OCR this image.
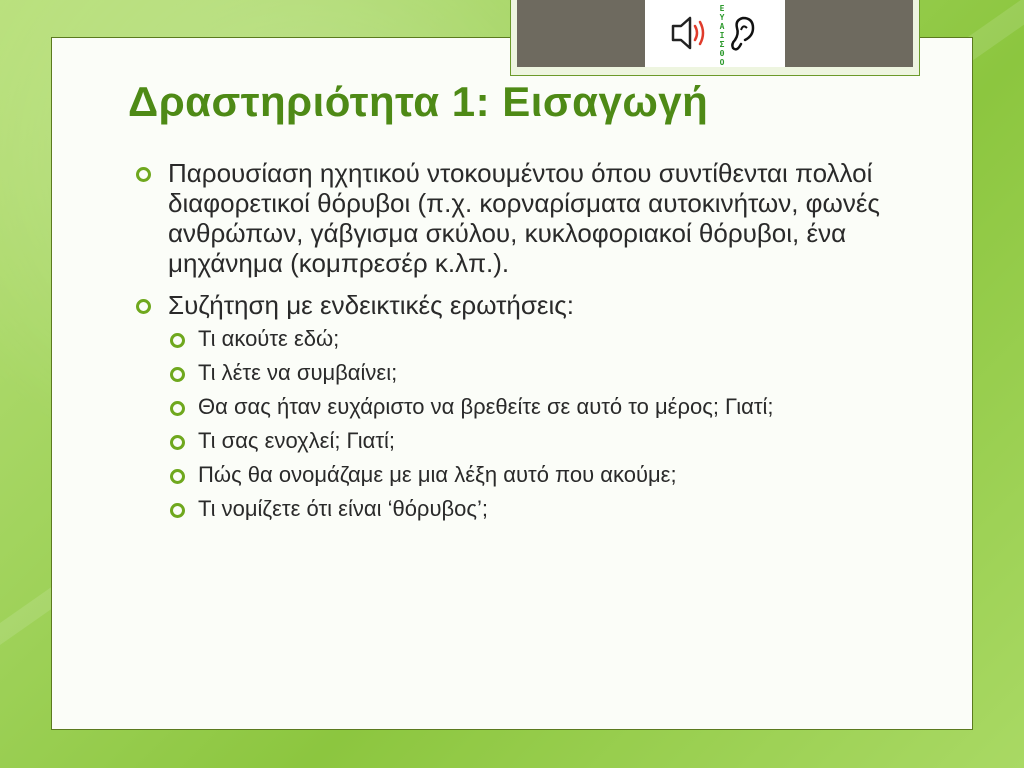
Ε
Υ
Α
Ι
Σ
Θ
Ο
Δραστηριότητα 1: Εισαγωγή
Παρουσίαση ηχητικού ντοκουμέντου όπου συντίθενται πολλοί διαφορετικοί θόρυβοι (π.χ. κορναρίσματα αυτοκινήτων, φωνές ανθρώπων, γάβγισμα σκύλου, κυκλοφοριακοί θόρυβοι, ένα μηχάνημα (κομπρεσέρ κ.λπ.).
Συζήτηση με ενδεικτικές ερωτήσεις:
Τι ακούτε εδώ;
Τι λέτε να συμβαίνει;
Θα σας ήταν ευχάριστο να βρεθείτε σε αυτό το μέρος; Γιατί;
Τι σας ενοχλεί; Γιατί;
Πώς θα ονομάζαμε με μια λέξη αυτό που ακούμε;
Τι νομίζετε ότι είναι ‘θόρυβος’;
